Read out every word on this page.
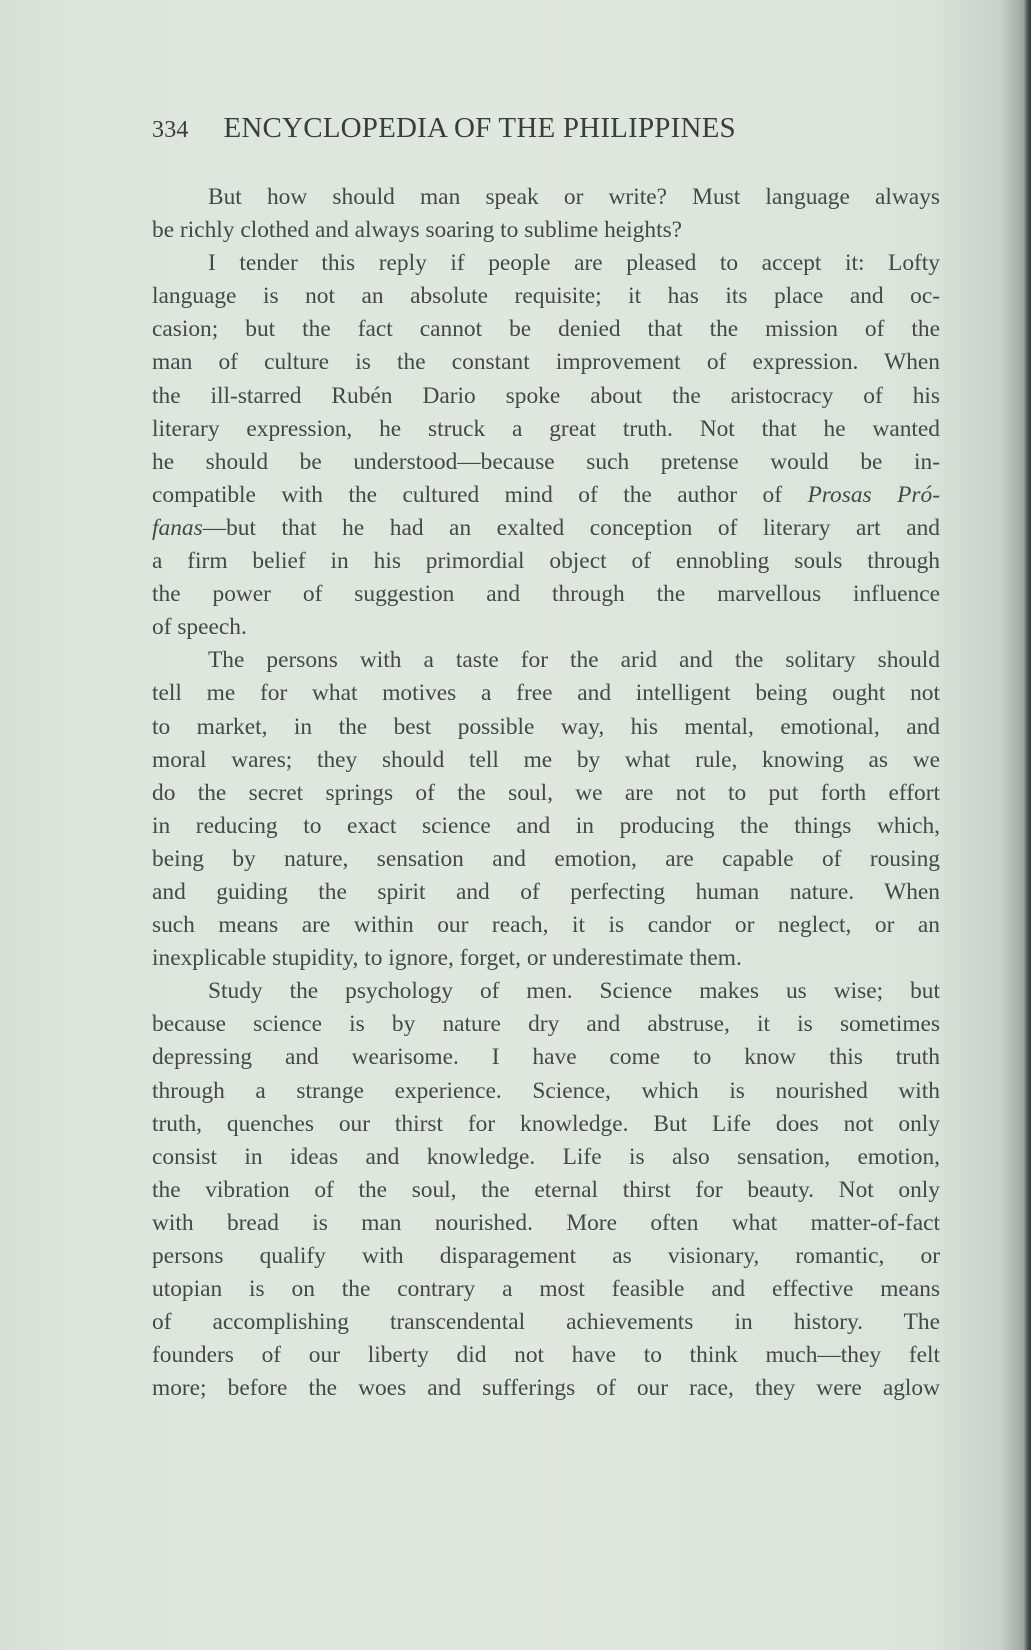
334 ENCYCLOPEDIA OF THE PHILIPPINES
But how should man speak or write? Must language always
be richly clothed and always soaring to sublime heights?
I tender this reply if people are pleased to accept it: Lofty
language is not an absolute requisite; it has its place and oc-
casion; but the fact cannot be denied that the mission of the
man of culture is the constant improvement of expression. When
the ill-starred Rubén Dario spoke about the aristocracy of his
literary expression, he struck a great truth. Not that he wanted
he should be understood—because such pretense would be in-
compatible with the cultured mind of the author of Prosas Pró-
fanas—but that he had an exalted conception of literary art and
a firm belief in his primordial object of ennobling souls through
the power of suggestion and through the marvellous influence
of speech.
The persons with a taste for the arid and the solitary should
tell me for what motives a free and intelligent being ought not
to market, in the best possible way, his mental, emotional, and
moral wares; they should tell me by what rule, knowing as we
do the secret springs of the soul, we are not to put forth effort
in reducing to exact science and in producing the things which,
being by nature, sensation and emotion, are capable of rousing
and guiding the spirit and of perfecting human nature. When
such means are within our reach, it is candor or neglect, or an
inexplicable stupidity, to ignore, forget, or underestimate them.
Study the psychology of men. Science makes us wise; but
because science is by nature dry and abstruse, it is sometimes
depressing and wearisome. I have come to know this truth
through a strange experience. Science, which is nourished with
truth, quenches our thirst for knowledge. But Life does not only
consist in ideas and knowledge. Life is also sensation, emotion,
the vibration of the soul, the eternal thirst for beauty. Not only
with bread is man nourished. More often what matter-of-fact
persons qualify with disparagement as visionary, romantic, or
utopian is on the contrary a most feasible and effective means
of accomplishing transcendental achievements in history. The
founders of our liberty did not have to think much—they felt
more; before the woes and sufferings of our race, they were aglow
